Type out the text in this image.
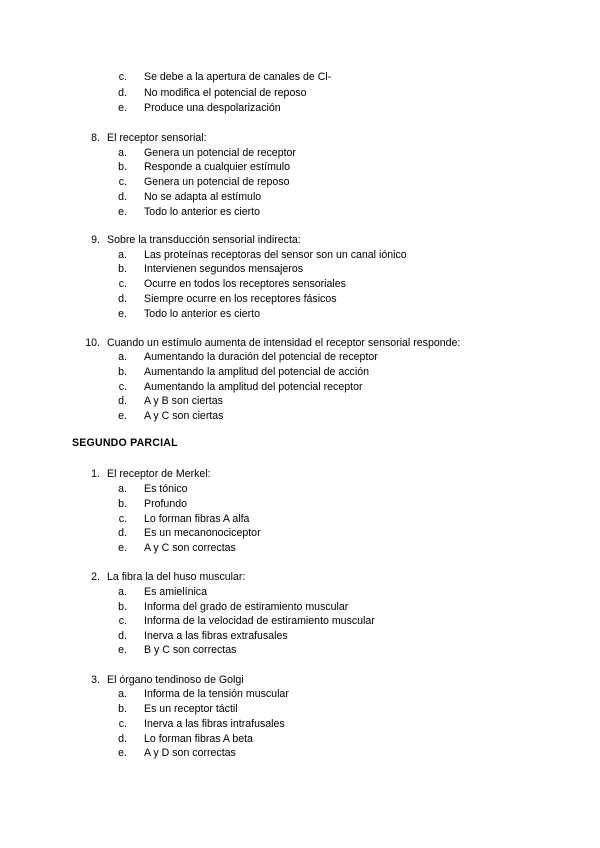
c. Se debe a la apertura de canales de Cl-
d. No modifica el potencial de reposo
e. Produce una despolarización
8. El receptor sensorial:
a. Genera un potencial de receptor
b. Responde a cualquier estímulo
c. Genera un potencial de reposo
d. No se adapta al estímulo
e. Todo lo anterior es cierto
9. Sobre la transducción sensorial indirecta:
a. Las proteínas receptoras del sensor son un canal iónico
b. Intervienen segundos mensajeros
c. Ocurre en todos los receptores sensoriales
d. Siempre ocurre en los receptores fásicos
e. Todo lo anterior es cierto
10. Cuando un estímulo aumenta de intensidad el receptor sensorial responde:
a. Aumentando la duración del potencial de receptor
b. Aumentando la amplitud del potencial de acción
c. Aumentando la amplitud del potencial receptor
d. A y B son ciertas
e. A y C son ciertas
SEGUNDO PARCIAL
1. El receptor de Merkel:
a. Es tónico
b. Profundo
c. Lo forman fibras A alfa
d. Es un mecanonociceptor
e. A y C son correctas
2. La fibra la del huso muscular:
a. Es amielínica
b. Informa del grado de estiramiento muscular
c. Informa de la velocidad de estiramiento muscular
d. Inerva a las fibras extrafusales
e. B y C son correctas
3. El órgano tendinoso de Golgi
a. Informa de la tensión muscular
b. Es un receptor táctil
c. Inerva a las fibras intrafusales
d. Lo forman fibras A beta
e. A y D son correctas
